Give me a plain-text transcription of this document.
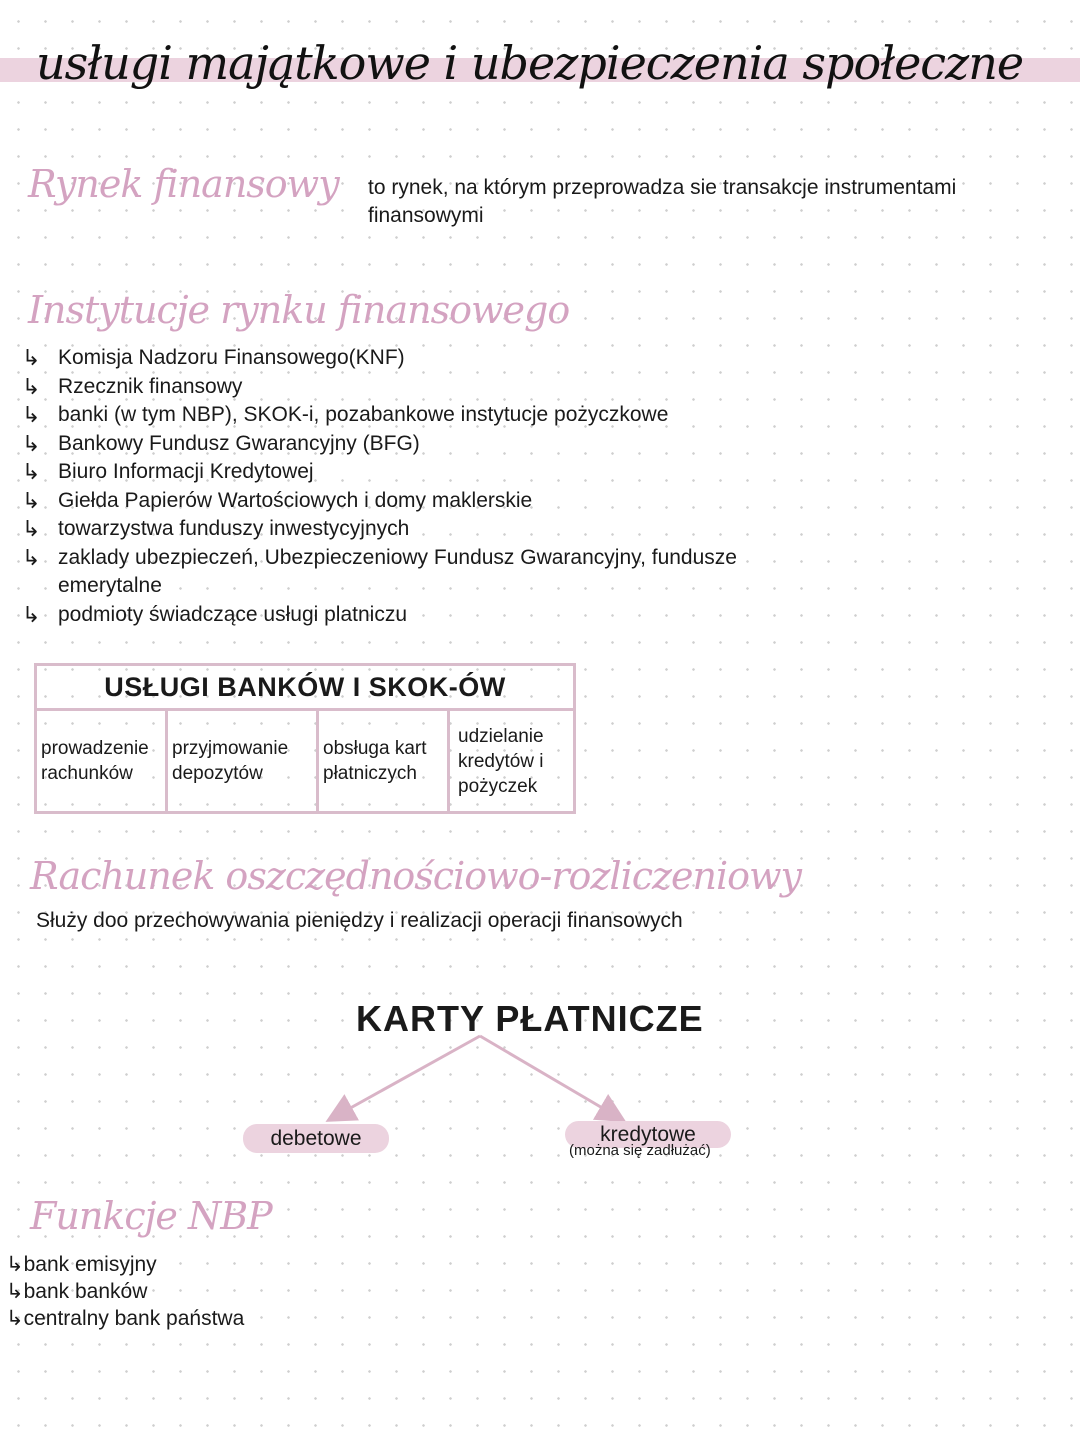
usługi majątkowe i ubezpieczenia społeczne
Rynek finansowy to rynek, na którym przeprowadza sie transakcje instrumentami finansowymi
Instytucje rynku finansowego
↳ Komisja Nadzoru Finansowego(KNF)
↳ Rzecznik finansowy
↳ banki (w tym NBP), SKOK-i, pozabankowe instytucje pożyczkowe
↳ Bankowy Fundusz Gwarancyjny (BFG)
↳ Biuro Informacji Kredytowej
↳ Giełda Papierów Wartościowych i domy maklerskie
↳ towarzystwa funduszy inwestycyjnych
↳ zaklady ubezpieczeń, Ubezpieczeniowy Fundusz Gwarancyjny, fundusze emerytalne
↳ podmioty świadczące usługi platniczu
USŁUGI BANKÓW I SKOK-ÓW
prowadzenie rachunków	przyjmowanie depozytów	obsługa kart płatniczych	udzielanie kredytów i pożyczek
Rachunek oszczędnościowo-rozliczeniowy
Służy doo przechowywania pieniędzy i realizacji operacji finansowych
KARTY PŁATNICZE
debetowe	kredytowe
(można się zadłużać)
Funkcje NBP
↳ bank emisyjny
↳ bank banków
↳ centralny bank państwa
